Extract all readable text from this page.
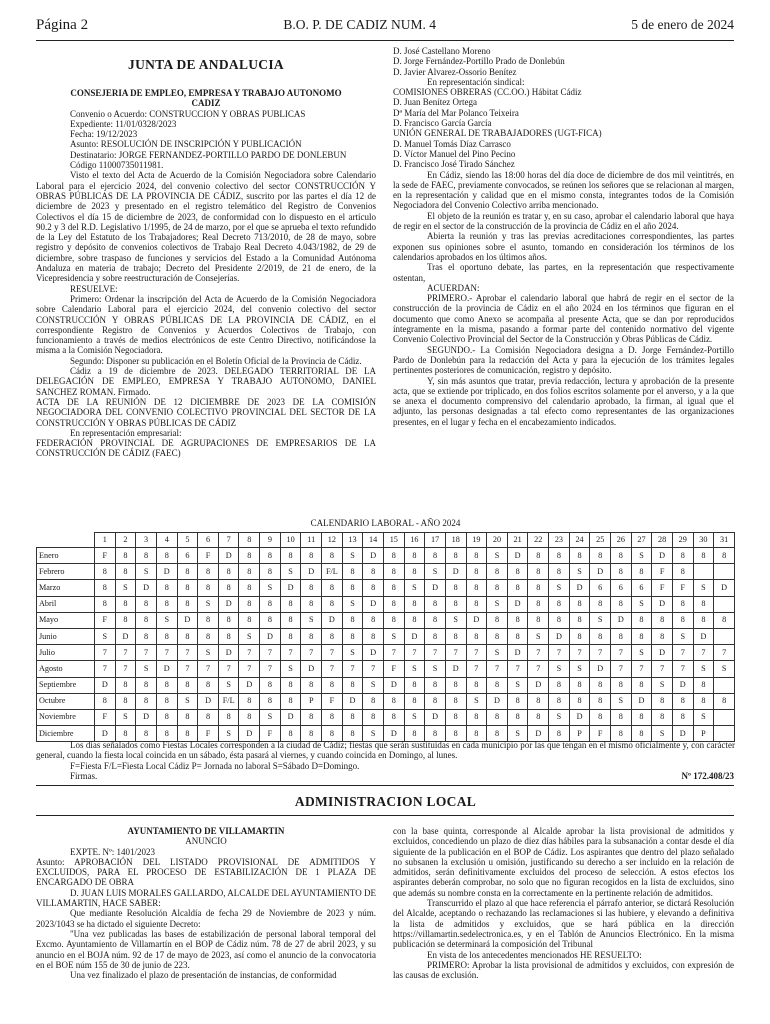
Página 2	B.O. P. DE CADIZ NUM. 4	5 de enero de 2024
JUNTA DE ANDALUCIA

CONSEJERIA DE EMPLEO, EMPRESA Y TRABAJO AUTONOMO

CADIZ

Convenio o Acuerdo: CONSTRUCCION Y OBRAS PUBLICAS

Expediente: 11/01/0328/2023

Fecha: 19/12/2023

Asunto: RESOLUCIÓN DE INSCRIPCIÓN Y PUBLICACIÓN

Destinatario: JORGE FERNANDEZ-PORTILLO PARDO DE DONLEBUN

Código 11000735011981.

Visto el texto del Acta de Acuerdo de la Comisión Negociadora sobre Calendario Laboral para el ejercicio 2024, del convenio colectivo del sector CONSTRUCCIÓN Y OBRAS PÚBLICAS DE LA PROVINCIA DE CÁDIZ, suscrito por las partes el día 12 de diciembre de 2023 y presentado en el registro telemático del Registro de Convenios Colectivos el día 15 de diciembre de 2023, de conformidad con lo dispuesto en el artículo 90.2 y 3 del R.D. Legislativo 1/1995, de 24 de marzo, por el que se aprueba el texto refundido de la Ley del Estatuto de los Trabajadores; Real Decreto 713/2010, de 28 de mayo, sobre registro y depósito de convenios colectivos de Trabajo Real Decreto 4.043/1982, de 29 de diciembre, sobre traspaso de funciones y servicios del Estado a la Comunidad Autónoma Andaluza en materia de trabajo; Decreto del Presidente 2/2019, de 21 de enero, de la Vicepresidencia y sobre reestructuración de Consejerías.

RESUELVE:

Primero: Ordenar la inscripción del Acta de Acuerdo de la Comisión Negociadora sobre Calendario Laboral para el ejercicio 2024, del convenio colectivo del sector CONSTRUCCIÓN Y OBRAS PÚBLICAS DE LA PROVINCIA DE CÁDIZ, en el correspondiente Registro de Convenios y Acuerdos Colectivos de Trabajo, con funcionamiento a través de medios electrónicos de este Centro Directivo, notificándose la misma a la Comisión Negociadora.

Segundo: Disponer su publicación en el Boletín Oficial de la Provincia de Cádiz.

Cádiz a 19 de diciembre de 2023. DELEGADO TERRITORIAL DE LA DELEGACIÓN DE EMPLEO, EMPRESA Y TRABAJO AUTONOMO, DANIEL SANCHEZ ROMAN. Firmado.

ACTA DE LA REUNIÓN DE 12 DICIEMBRE DE 2023 DE LA COMISIÓN NEGOCIADORA DEL CONVENIO COLECTIVO PROVINCIAL DEL SECTOR DE LA CONSTRUCCIÓN Y OBRAS PÚBLICAS DE CÁDIZ

En representación empresarial:

FEDERACIÓN PROVINCIAL DE AGRUPACIONES DE EMPRESARIOS DE LA CONSTRUCCIÓN DE CÁDIZ (FAEC)

D. José Castellano Moreno

D. Jorge Fernández-Portillo Prado de Donlebún

D. Javier Alvarez-Ossorio Benítez

En representación sindical:

COMISIONES OBRERAS (CC.OO.) Hábitat Cádiz

D. Juan Benítez Ortega

Dª María del Mar Polanco Teixeira

D. Francisco García García

UNIÓN GENERAL DE TRABAJADORES (UGT-FICA)

D. Manuel Tomás Díaz Carrasco

D. Víctor Manuel del Pino Pecino

D. Francisco José Tirado Sánchez

En Cádiz, siendo las 18:00 horas del día doce de diciembre de dos mil veintitrés, en la sede de FAEC, previamente convocados, se reúnen los señores que se relacionan al margen, en la representación y calidad que en el mismo consta, integrantes todos de la Comisión Negociadora del Convenio Colectivo arriba mencionado.

El objeto de la reunión es tratar y, en su caso, aprobar el calendario laboral que haya de regir en el sector de la construcción de la provincia de Cádiz en el año 2024.

Abierta la reunión y tras las previas acreditaciones correspondientes, las partes exponen sus opiniones sobre el asunto, tomando en consideración los términos de los calendarios aprobados en los últimos años.

Tras el oportuno debate, las partes, en la representación que respectivamente ostentan,

ACUERDAN:

PRIMERO.- Aprobar el calendario laboral que habrá de regir en el sector de la construcción de la provincia de Cádiz en el año 2024 en los términos que figuran en el documento que como Anexo se acompaña al presente Acta, que se dan por reproducidos íntegramente en la misma, pasando a formar parte del contenido normativo del vigente Convenio Colectivo Provincial del Sector de la Construcción y Obras Públicas de Cádiz.

SEGUNDO.- La Comisión Negociadora designa a D. Jorge Fernández-Portillo Pardo de Donlebún para la redacción del Acta y para la ejecución de los trámites legales pertinentes posteriores de comunicación, registro y depósito.

Y, sin más asuntos que tratar, previa redacción, lectura y aprobación de la presente acta, que se extiende por triplicado, en dos folios escritos solamente por el anverso, y a la que se anexa el documento comprensivo del calendario aprobado, la firman, al igual que el adjunto, las personas designadas a tal efecto como representantes de las organizaciones presentes, en el lugar y fecha en el encabezamiento indicados.

CALENDARIO LABORAL - AÑO 2024
	1	2	3	4	5	6	7	8	9	10	11	12	13	14	15	16	17	18	19	20	21	22	23	24	25	26	27	28	29	30	31
Enero	F	8	8	8	6	F	D	8	8	8	8	8	S	D	8	8	8	8	8	S	D	8	8	8	8	8	S	D	8	8	8
Febrero	8	8	S	D	8	8	8	8	8	S	D	F/L	8	8	8	8	S	D	8	8	8	8	8	S	D	8	8	F	8		
Marzo	8	S	D	8	8	8	8	8	S	D	8	8	8	8	8	S	D	8	8	8	8	8	S	D	6	6	6	F	F	S	D
Abril	8	8	8	8	8	S	D	8	8	8	8	8	S	D	8	8	8	8	8	S	D	8	8	8	8	8	S	D	8	8	
Mayo	F	8	8	S	D	8	8	8	8	8	S	D	8	8	8	8	8	S	D	8	8	8	8	8	S	D	8	8	8	8	8
Junio	S	D	8	8	8	8	8	S	D	8	8	8	8	8	S	D	8	8	8	8	8	S	D	8	8	8	8	8	S	D	
Julio	7	7	7	7	7	S	D	7	7	7	7	7	S	D	7	7	7	7	7	S	D	7	7	7	7	7	S	D	7	7	7
Agosto	7	7	S	D	7	7	7	7	7	S	D	7	7	7	F	S	S	D	7	7	7	7	S	S	D	7	7	7	7	S	S
Septiembre	D	8	8	8	8	8	S	D	8	8	8	8	8	S	D	8	8	8	8	8	S	D	8	8	8	8	8	S	D	8	
Octubre	8	8	8	8	S	D	F/L	8	8	8	P	F	D	8	8	8	8	8	S	D	8	8	8	8	8	S	D	8	8	8	8
Noviembre	F	S	D	8	8	8	8	8	S	D	8	8	8	8	8	S	D	8	8	8	8	8	S	D	8	8	8	8	8	S	
Diciembre	D	8	8	8	8	F	S	D	F	8	8	8	8	S	D	8	8	8	8	8	S	D	8	P	F	8	8	S	D	P	

Los días señalados como Fiestas Locales corresponden a la ciudad de Cádiz; fiestas que serán sustituidas en cada municipio por las que tengan en el mismo oficialmente y, con carácter general, cuando la fiesta local coincida en un sábado, ésta pasará al viernes, y cuando coincida en Domingo, al lunes.

F=Fiesta F/L=Fiesta Local Cádiz P= Jornada no laboral S=Sábado D=Domingo.

Firmas.	Nº 172.408/23
ADMINISTRACION LOCAL

AYUNTAMIENTO DE VILLAMARTIN

ANUNCIO

EXPTE. Nº: 1401/2023

Asunto: APROBACIÓN DEL LISTADO PROVISIONAL DE ADMITIDOS Y EXCLUIDOS, PARA EL PROCESO DE ESTABILIZACIÓN DE 1 PLAZA DE ENCARGADO DE OBRA

D. JUAN LUIS MORALES GALLARDO, ALCALDE DEL AYUNTAMIENTO DE VILLAMARTIN, HACE SABER:

Que mediante Resolución Alcaldía de fecha 29 de Noviembre de 2023 y núm. 2023/1043 se ha dictado el siguiente Decreto:

"Una vez publicadas las bases de estabilización de personal laboral temporal del Excmo. Ayuntamiento de Villamartín en el BOP de Cádiz núm. 78 de 27 de abril 2023, y su anuncio en el BOJA núm. 92 de 17 de mayo de 2023, así como el anuncio de la convocatoria en el BOE núm 155 de 30 de junio de 223.

Una vez finalizado el plazo de presentación de instancias, de conformidad

con la base quinta, corresponde al Alcalde aprobar la lista provisional de admitidos y excluidos, concediendo un plazo de diez días hábiles para la subsanación a contar desde el día siguiente de la publicación en el BOP de Cádiz. Los aspirantes que dentro del plazo señalado no subsanen la exclusión u omisión, justificando su derecho a ser incluido en la relación de admitidos, serán definitivamente excluidos del proceso de selección. A estos efectos los aspirantes deberán comprobar, no solo que no figuran recogidos en la lista de excluidos, sino que además su nombre consta en la correctamente en la pertinente relación de admitidos.

Transcurrido el plazo al que hace referencia el párrafo anterior, se dictará Resolución del Alcalde, aceptando o rechazando las reclamaciones si las hubiere, y elevando a definitiva la lista de admitidos y excluidos, que se hará pública en la dirección https://villamartin.sedelectronica.es, y en el Tablón de Anuncios Electrónico. En la misma publicación se determinará la composición del Tribunal

En vista de los antecedentes mencionados HE RESUELTO:

PRIMERO: Aprobar la lista provisional de admitidos y excluidos, con expresión de las causas de exclusión.
